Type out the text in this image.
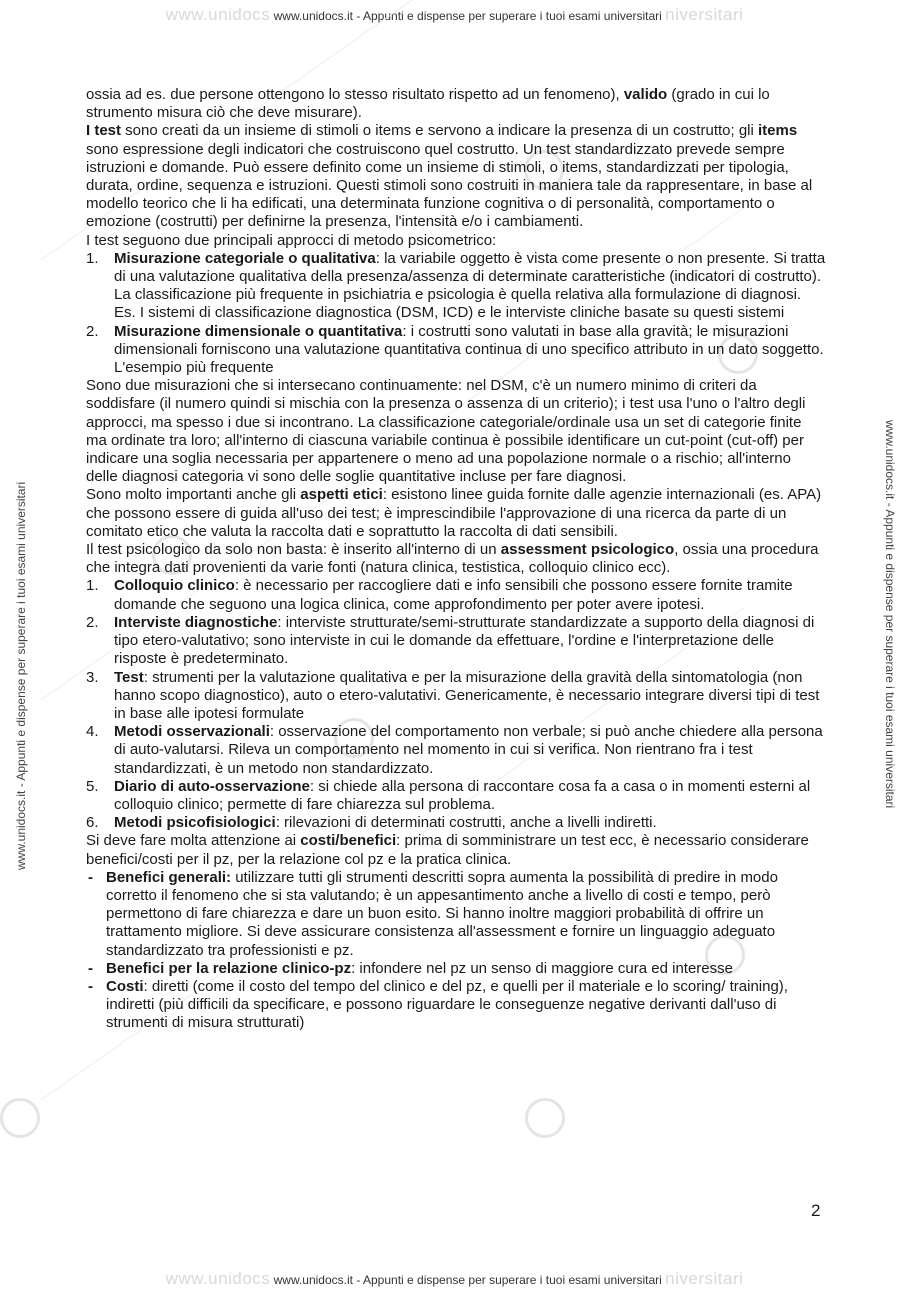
www.unidocs www.unidocs.it - Appunti e dispense per superare i tuoi esami universitari niversitari
www.unidocs www.unidocs.it - Appunti e dispense per superare i tuoi esami universitari niversitari
www.unidocs.it - Appunti e dispense per superare i tuoi esami universitari	www.unidocs.it - Appunti e dispense per superare i tuoi esami universitari

ossia ad es. due persone ottengono lo stesso risultato rispetto ad un fenomeno), valido (grado in cui lo strumento misura ciò che deve misurare).

I test sono creati da un insieme di stimoli o items e servono a indicare la presenza di un costrutto; gli items sono espressione degli indicatori che costruiscono quel costrutto. Un test standardizzato prevede sempre istruzioni e domande. Può essere definito come un insieme di stimoli, o items, standardizzati per tipologia, durata, ordine, sequenza e istruzioni. Questi stimoli sono costruiti in maniera tale da rappresentare, in base al modello teorico che li ha edificati, una determinata funzione cognitiva o di personalità, comportamento o emozione (costrutti) per definirne la presenza, l'intensità e/o i cambiamenti.

I test seguono due principali approcci di metodo psicometrico:

1. Misurazione categoriale o qualitativa: la variabile oggetto è vista come presente o non presente. Si tratta di una valutazione qualitativa della presenza/assenza di determinate caratteristiche (indicatori di costrutto). La classificazione più frequente in psichiatria e psicologia è quella relativa alla formulazione di diagnosi. Es. I sistemi di classificazione diagnostica (DSM, ICD) e le interviste cliniche basate su questi sistemi
2. Misurazione dimensionale o quantitativa: i costrutti sono valutati in base alla gravità; le misurazioni dimensionali forniscono una valutazione quantitativa continua di uno specifico attributo in un dato soggetto. L'esempio più frequente

Sono due misurazioni che si intersecano continuamente: nel DSM, c'è un numero minimo di criteri da soddisfare (il numero quindi si mischia con la presenza o assenza di un criterio); i test usa l'uno o l'altro degli approcci, ma spesso i due si incontrano. La classificazione categoriale/ordinale usa un set di categorie finite ma ordinate tra loro; all'interno di ciascuna variabile continua è possibile identificare un cut-point (cut-off) per indicare una soglia necessaria per appartenere o meno ad una popolazione normale o a rischio; all'interno delle diagnosi categoria vi sono delle soglie quantitative incluse per fare diagnosi.

Sono molto importanti anche gli aspetti etici: esistono linee guida fornite dalle agenzie internazionali (es. APA) che possono essere di guida all'uso dei test; è imprescindibile l'approvazione di una ricerca da parte di un comitato etico che valuta la raccolta dati e soprattutto la raccolta di dati sensibili.

Il test psicologico da solo non basta: è inserito all'interno di un assessment psicologico, ossia una procedura che integra dati provenienti da varie fonti (natura clinica, testistica, colloquio clinico ecc).

1. Colloquio clinico: è necessario per raccogliere dati e info sensibili che possono essere fornite tramite domande che seguono una logica clinica, come approfondimento per poter avere ipotesi.
2. Interviste diagnostiche: interviste strutturate/semi-strutturate standardizzate a supporto della diagnosi di tipo etero-valutativo; sono interviste in cui le domande da effettuare, l'ordine e l'interpretazione delle risposte è predeterminato.
3. Test: strumenti per la valutazione qualitativa e per la misurazione della gravità della sintomatologia (non hanno scopo diagnostico), auto o etero-valutativi. Genericamente, è necessario integrare diversi tipi di test in base alle ipotesi formulate
4. Metodi osservazionali: osservazione del comportamento non verbale; si può anche chiedere alla persona di auto-valutarsi. Rileva un comportamento nel momento in cui si verifica. Non rientrano fra i test standardizzati, è un metodo non standardizzato.
5. Diario di auto-osservazione: si chiede alla persona di raccontare cosa fa a casa o in momenti esterni al colloquio clinico; permette di fare chiarezza sul problema.
6. Metodi psicofisiologici: rilevazioni di determinati costrutti, anche a livelli indiretti.

Si deve fare molta attenzione ai costi/benefici: prima di somministrare un test ecc, è necessario considerare benefici/costi per il pz, per la relazione col pz e la pratica clinica.

- Benefici generali: utilizzare tutti gli strumenti descritti sopra aumenta la possibilità di predire in modo corretto il fenomeno che si sta valutando; è un appesantimento anche a livello di costi e tempo, però permettono di fare chiarezza e dare un buon esito. Si hanno inoltre maggiori probabilità di offrire un trattamento migliore. Si deve assicurare consistenza all'assessment e fornire un linguaggio adeguato standardizzato tra professionisti e pz.
- Benefici per la relazione clinico-pz: infondere nel pz un senso di maggiore cura ed interesse
- Costi: diretti (come il costo del tempo del clinico e del pz, e quelli per il materiale e lo scoring/ training), indiretti (più difficili da specificare, e possono riguardare le conseguenze negative derivanti dall'uso di strumenti di misura strutturati)
2
